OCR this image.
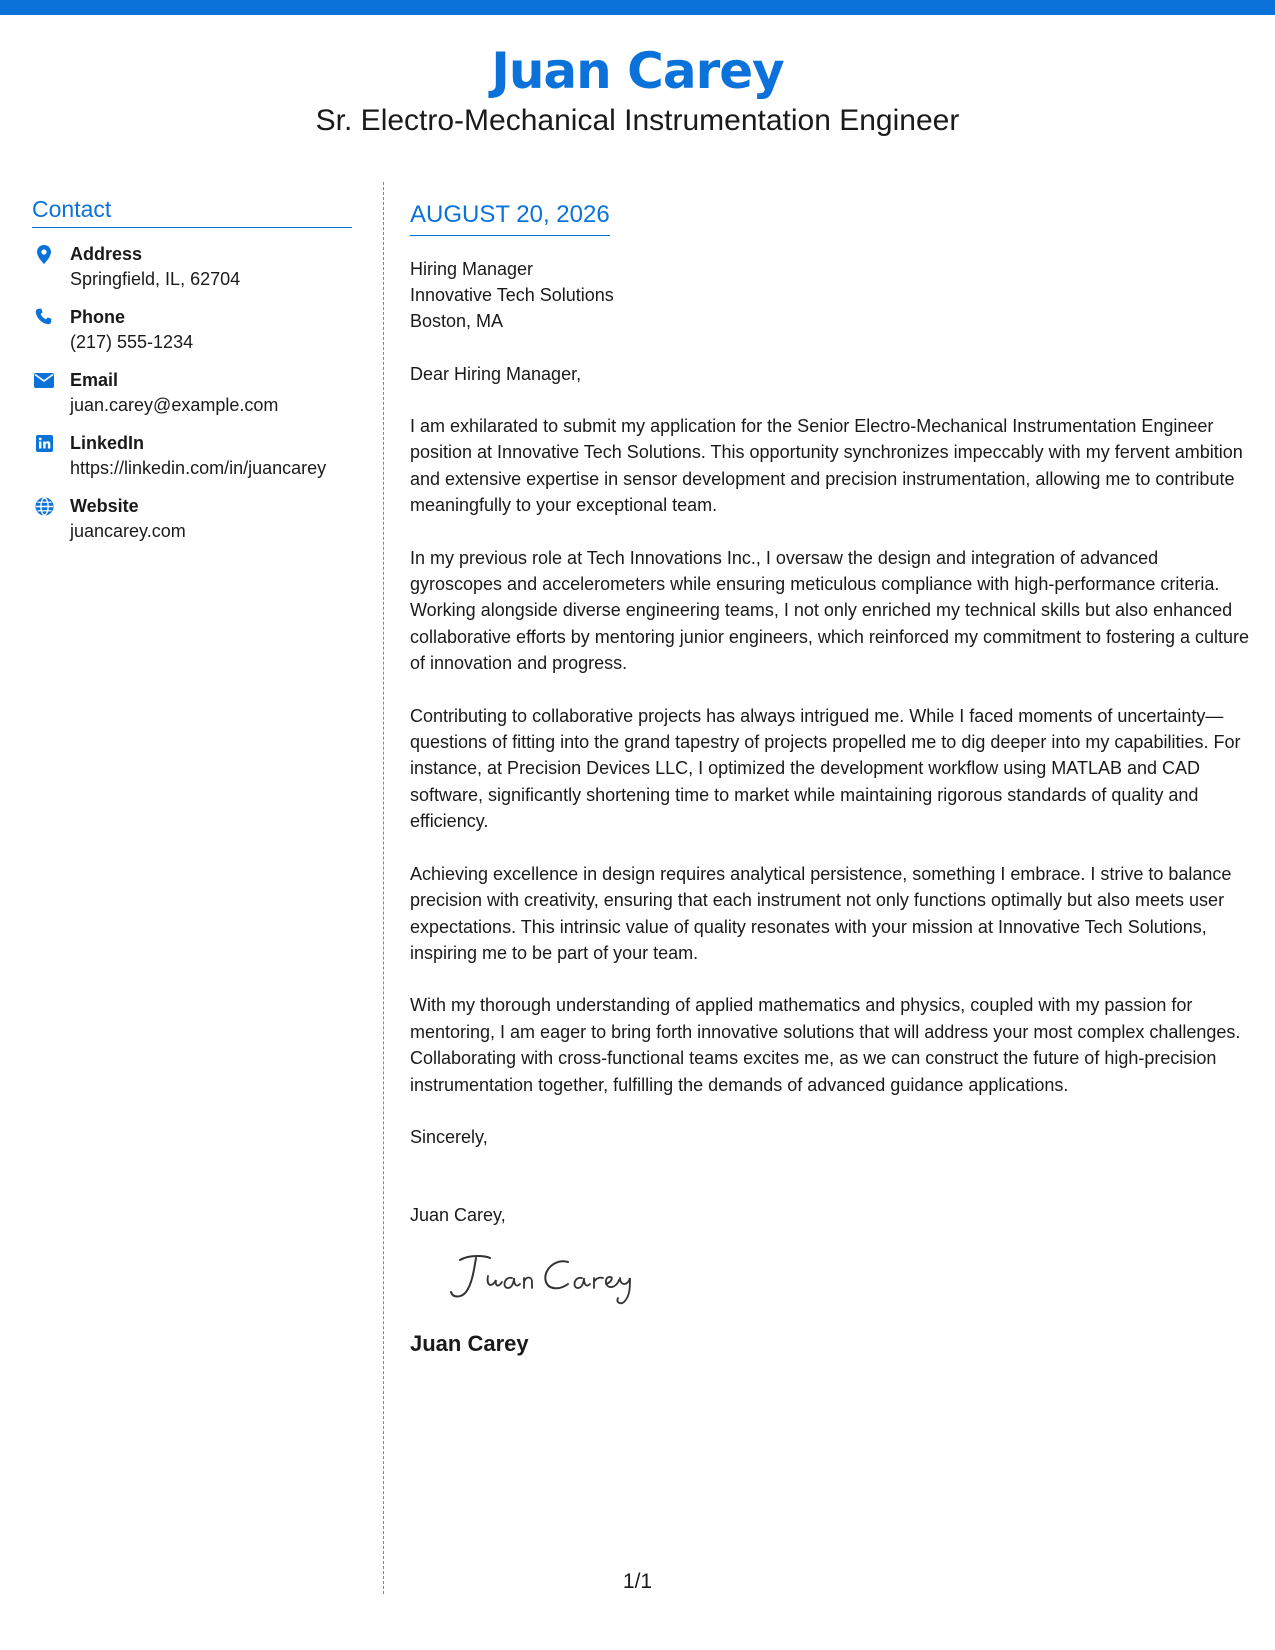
Juan Carey
Sr. Electro-Mechanical Instrumentation Engineer
Contact
Address
Springfield, IL, 62704
Phone
(217) 555-1234
Email
juan.carey@example.com
LinkedIn
https://linkedin.com/in/juancarey
Website
juancarey.com
AUGUST 20, 2026
Hiring Manager
Innovative Tech Solutions
Boston, MA
Dear Hiring Manager,
I am exhilarated to submit my application for the Senior Electro-Mechanical Instrumentation Engineer position at Innovative Tech Solutions. This opportunity synchronizes impeccably with my fervent ambition and extensive expertise in sensor development and precision instrumentation, allowing me to contribute meaningfully to your exceptional team.
In my previous role at Tech Innovations Inc., I oversaw the design and integration of advanced gyroscopes and accelerometers while ensuring meticulous compliance with high-performance criteria. Working alongside diverse engineering teams, I not only enriched my technical skills but also enhanced collaborative efforts by mentoring junior engineers, which reinforced my commitment to fostering a culture of innovation and progress.
Contributing to collaborative projects has always intrigued me. While I faced moments of uncertainty—questions of fitting into the grand tapestry of projects propelled me to dig deeper into my capabilities. For instance, at Precision Devices LLC, I optimized the development workflow using MATLAB and CAD software, significantly shortening time to market while maintaining rigorous standards of quality and efficiency.
Achieving excellence in design requires analytical persistence, something I embrace. I strive to balance precision with creativity, ensuring that each instrument not only functions optimally but also meets user expectations. This intrinsic value of quality resonates with your mission at Innovative Tech Solutions, inspiring me to be part of your team.
With my thorough understanding of applied mathematics and physics, coupled with my passion for mentoring, I am eager to bring forth innovative solutions that will address your most complex challenges. Collaborating with cross-functional teams excites me, as we can construct the future of high-precision instrumentation together, fulfilling the demands of advanced guidance applications.
Sincerely,
Juan Carey,
Juan Carey
1/1
